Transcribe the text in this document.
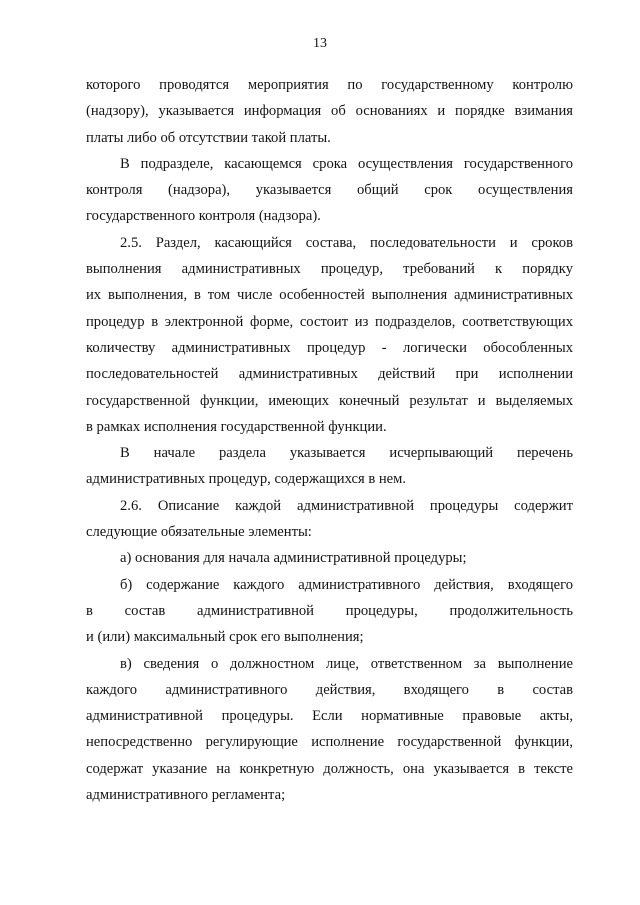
13
которого проводятся мероприятия по государственному контролю
(надзору), указывается информация об основаниях и порядке взимания
платы либо об отсутствии такой платы.
В подразделе, касающемся срока осуществления государственного
контроля (надзора), указывается общий срок осуществления
государственного контроля (надзора).
2.5. Раздел, касающийся состава, последовательности и сроков
выполнения административных процедур, требований к порядку
их выполнения, в том числе особенностей выполнения административных
процедур в электронной форме, состоит из подразделов, соответствующих
количеству административных процедур - логически обособленных
последовательностей административных действий при исполнении
государственной функции, имеющих конечный результат и выделяемых
в рамках исполнения государственной функции.
В начале раздела указывается исчерпывающий перечень
административных процедур, содержащихся в нем.
2.6. Описание каждой административной процедуры содержит
следующие обязательные элементы:
а) основания для начала административной процедуры;
б) содержание каждого административного действия, входящего
в состав административной процедуры, продолжительность
и (или) максимальный срок его выполнения;
в) сведения о должностном лице, ответственном за выполнение
каждого административного действия, входящего в состав
административной процедуры. Если нормативные правовые акты,
непосредственно регулирующие исполнение государственной функции,
содержат указание на конкретную должность, она указывается в тексте
административного регламента;
